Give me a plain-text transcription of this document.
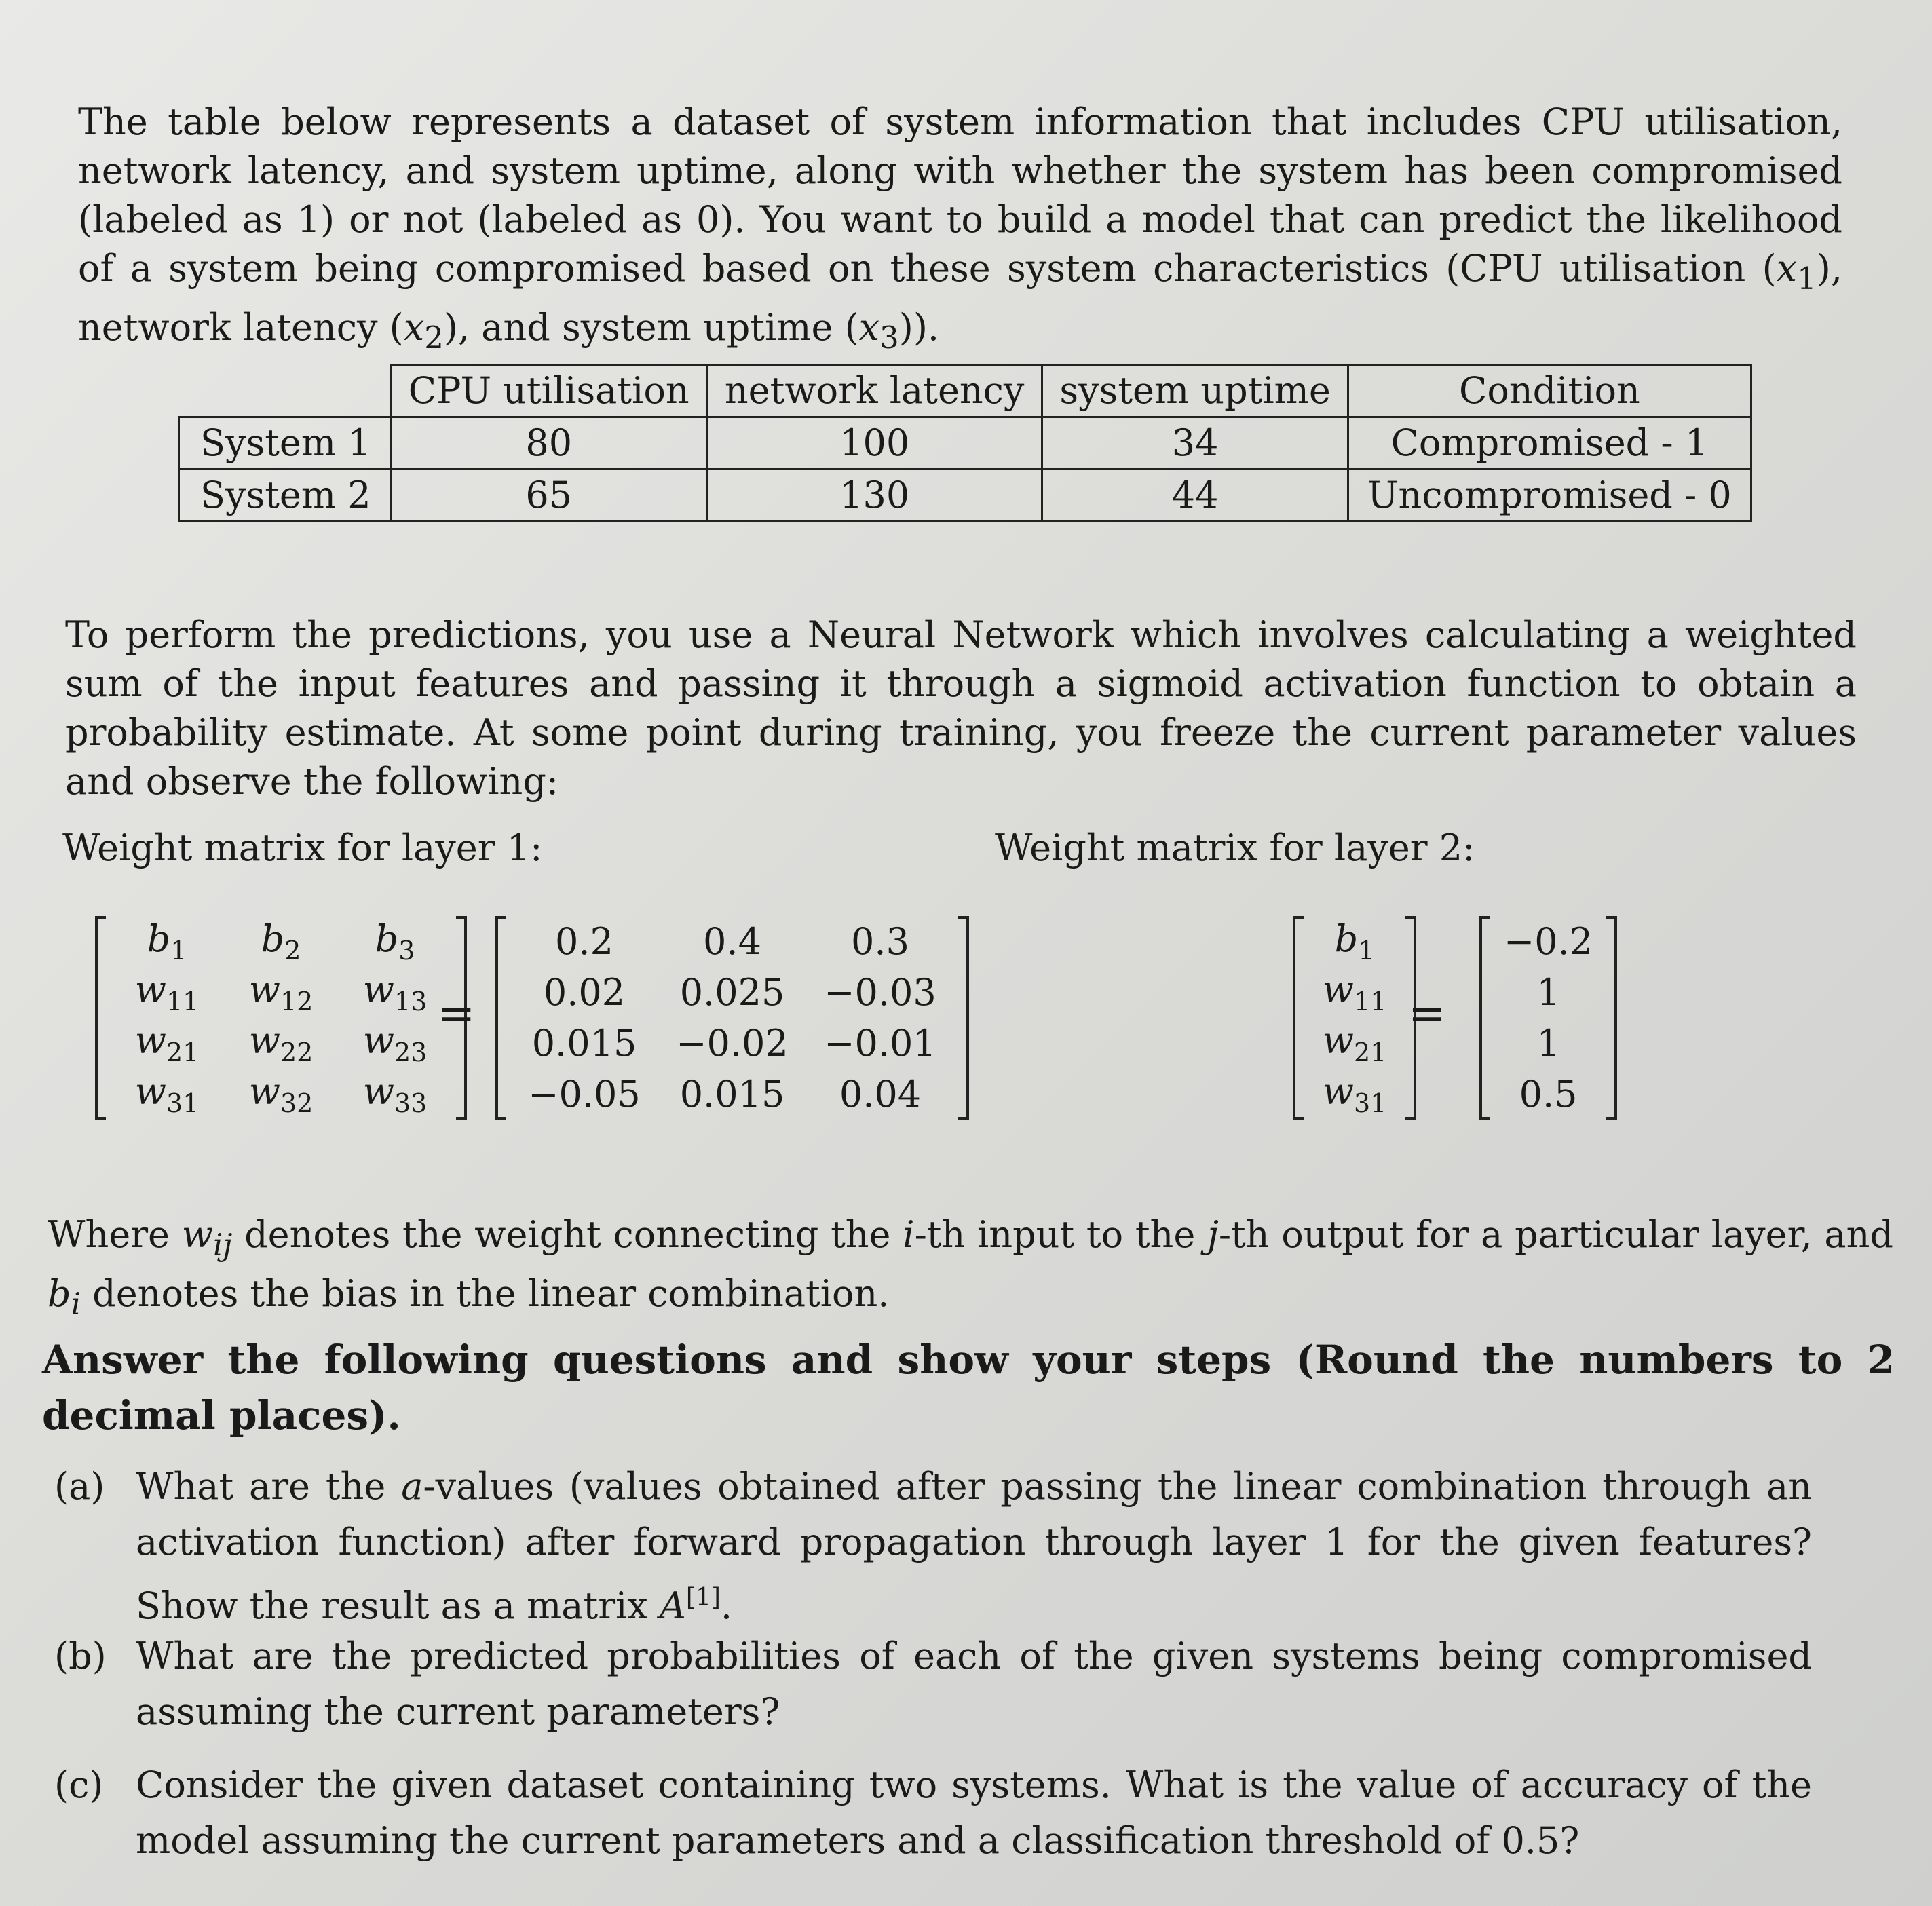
The table below represents a dataset of system information that includes CPU utilisation, network latency, and system uptime, along with whether the system has been compromised (labeled as 1) or not (labeled as 0). You want to build a model that can predict the likelihood of a system being compromised based on these system characteristics (CPU utilisation $(x_1)$, network latency $(x_2)$, and system uptime $(x_3)$).

	CPU utilisation	network latency	system uptime	Condition
System 1	80	100	34	Compromised - 1
System 2	65	130	44	Uncompromised - 0

To perform the predictions, you use a Neural Network which involves calculating a weighted sum of the input features and passing it through a sigmoid activation function to obtain a probability estimate. At some point during training, you freeze the current parameter values and observe the following:

Weight matrix for layer 1:	Weight matrix for layer 2:
$b_1$	$b_2$	$b_3$
$w_{11}$	$w_{12}$	$w_{13}$
$w_{21}$	$w_{22}$	$w_{23}$
$w_{31}$	$w_{32}$	$w_{33}$
=
0.2	0.4	0.3
0.02	0.025	−0.03
0.015	−0.02	−0.01
−0.05	0.015	0.04
$b_1$
$w_{11}$
$w_{21}$
$w_{31}$
=
−0.2
1
1
0.5

Where $w_{ij}$ denotes the weight connecting the i-th input to the j-th output for a particular layer, and $b_i$ denotes the bias in the linear combination.

Answer the following questions and show your steps (Round the numbers to 2 decimal places).

(a) What are the a-values (values obtained after passing the linear combination through an activation function) after forward propagation through layer 1 for the given features? Show the result as a matrix A[1].
(b) What are the predicted probabilities of each of the given systems being compromised assuming the current parameters?
(c) Consider the given dataset containing two systems. What is the value of accuracy of the model assuming the current parameters and a classification threshold of 0.5?
